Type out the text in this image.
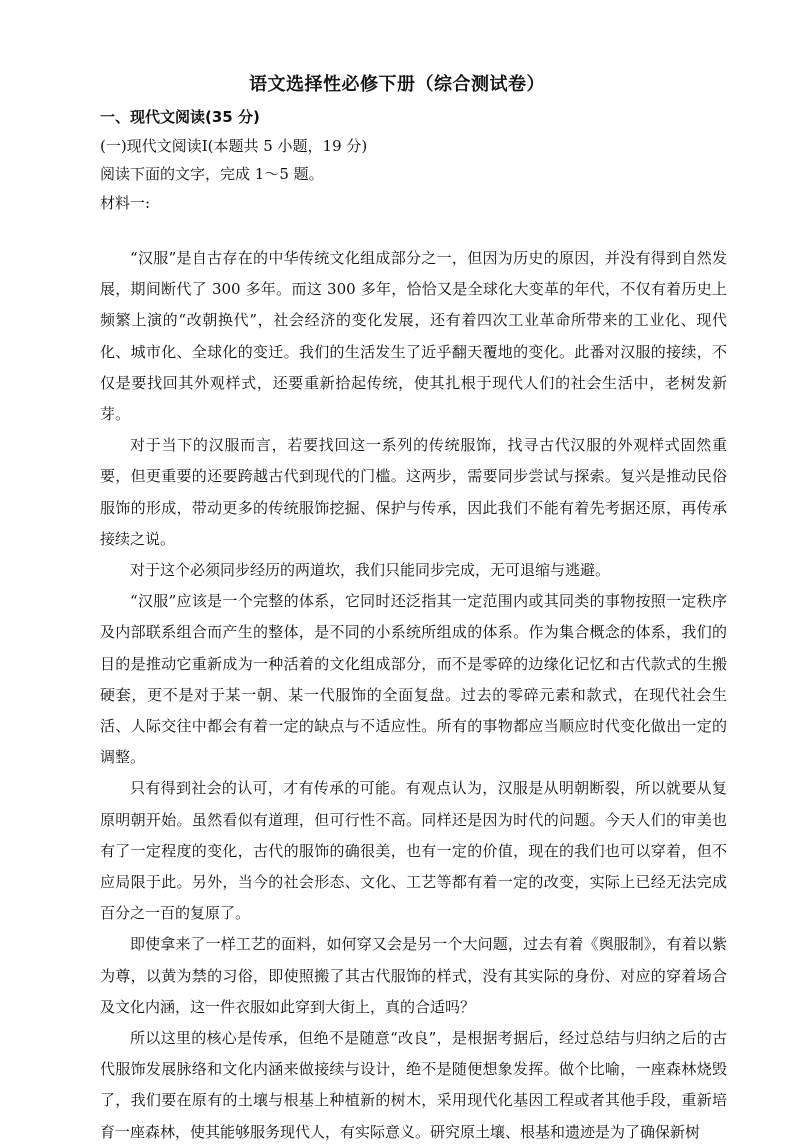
语文选择性必修下册（综合测试卷）
一、现代文阅读(35 分)
(一)现代文阅读Ⅰ(本题共 5 小题，19 分)
阅读下面的文字，完成 1～5 题。
材料一:

“汉服”是自古存在的中华传统文化组成部分之一，但因为历史的原因，并没有得到自然发展，期间断代了 300 多年。而这 300 多年，恰恰又是全球化大变革的年代，不仅有着历史上频繁上演的“改朝换代”，社会经济的变化发展，还有着四次工业革命所带来的工业化、现代化、城市化、全球化的变迁。我们的生活发生了近乎翻天覆地的变化。此番对汉服的接续，不仅是要找回其外观样式，还要重新拾起传统，使其扎根于现代人们的社会生活中，老树发新芽。

对于当下的汉服而言，若要找回这一系列的传统服饰，找寻古代汉服的外观样式固然重要，但更重要的还要跨越古代到现代的门槛。这两步，需要同步尝试与探索。复兴是推动民俗服饰的形成，带动更多的传统服饰挖掘、保护与传承，因此我们不能有着先考据还原，再传承接续之说。

对于这个必须同步经历的两道坎，我们只能同步完成，无可退缩与逃避。

“汉服”应该是一个完整的体系，它同时还泛指其一定范围内或其同类的事物按照一定秩序及内部联系组合而产生的整体，是不同的小系统所组成的体系。作为集合概念的体系，我们的目的是推动它重新成为一种活着的文化组成部分，而不是零碎的边缘化记忆和古代款式的生搬硬套，更不是对于某一朝、某一代服饰的全面复盘。过去的零碎元素和款式，在现代社会生活、人际交往中都会有着一定的缺点与不适应性。所有的事物都应当顺应时代变化做出一定的调整。

只有得到社会的认可，才有传承的可能。有观点认为，汉服是从明朝断裂，所以就要从复原明朝开始。虽然看似有道理，但可行性不高。同样还是因为时代的问题。今天人们的审美也有了一定程度的变化，古代的服饰的确很美，也有一定的价值，现在的我们也可以穿着，但不应局限于此。另外，当今的社会形态、文化、工艺等都有着一定的改变，实际上已经无法完成百分之一百的复原了。

即使拿来了一样工艺的面料，如何穿又会是另一个大问题，过去有着《舆服制》，有着以紫为尊，以黄为禁的习俗，即使照搬了其古代服饰的样式，没有其实际的身份、对应的穿着场合及文化内涵，这一件衣服如此穿到大街上，真的合适吗？

所以这里的核心是传承，但绝不是随意“改良”，是根据考据后，经过总结与归纳之后的古代服饰发展脉络和文化内涵来做接续与设计，绝不是随便想象发挥。做个比喻，一座森林烧毁了，我们要在原有的土壤与根基上种植新的树木，采用现代化基因工程或者其他手段，重新培育一座森林，使其能够服务现代人，有实际意义。研究原土壤、根基和遗迹是为了确保新树
